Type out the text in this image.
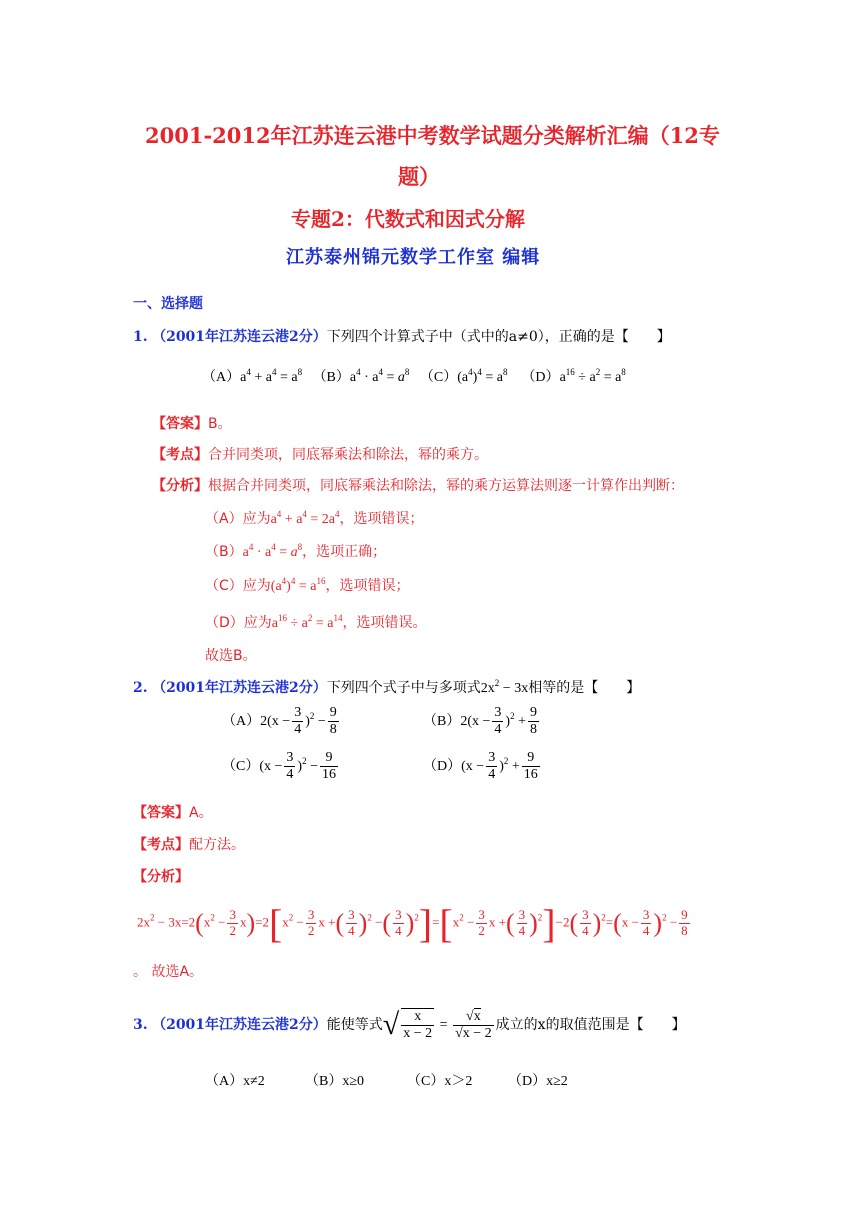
2001-2012年江苏连云港中考数学试题分类解析汇编（12专
题）
专题2：代数式和因式分解
江苏泰州锦元数学工作室 编辑
一、选择题
1. （2001年江苏连云港2分）下列四个计算式子中（式中的a≠0），正确的是【　　】
$(A)a^4 + a^4 = a^8$ $(B)a^4 \cdot a^4 = a^8$ $(C)(a^4)^4 = a^8$ $(D)a^{16} \div a^2 = a^8$
【答案】B。
【考点】合并同类项，同底幂乘法和除法，幂的乘方。
【分析】根据合并同类项，同底幂乘法和除法，幂的乘方运算法则逐一计算作出判断：
（A）应为$a^4 + a^4 = 2a^4$，选项错误；
$(B)a^4 \cdot a^4 = a^8$，选项正确；
（C）应为$(a^4)^4 = a^{16}$，选项错误；
（D）应为$a^{16} \div a^2 = a^{14}$，选项错误。
故选B。
2. （2001年江苏连云港2分）下列四个式子中与多项式$2x^2 - 3x$相等的是【　　】
$(A)2(x - \frac{3}{4} )^2 - \frac{9}{8}$	$(B)2(x - \frac{3}{4} )^2 + \frac{9}{8}$
$(C)(x - \frac{3}{4} )^2 - \frac{9}{16}$	$(D)(x - \frac{3}{4} )^2 + \frac{9}{16}$
【答案】A。
【考点】配方法。
【分析】
$2x^2 - 3x=2(x^2 - \frac{3}{2} x)=2[x^2 - \frac{3}{2}$ x +( $\frac{3}{4} )^2$ −( $\frac{3}{4} )^2]=[x^2 - \frac{3}{2}$ x +( $\frac{3}{4} )^2]-2( \frac{3}{4} )^2=(x - \frac{3}{4} )^2 - \frac{9}{8}$
。 故选A。
3. （2001年江苏连云港2分）能使等式√ $\frac{x}{x - 2} = \frac{√x}{√x - 2}$ 成立的x的取值范围是【　　】
（A）x≠2	（B）x≥0	（C）x＞2	（D）x≥2
